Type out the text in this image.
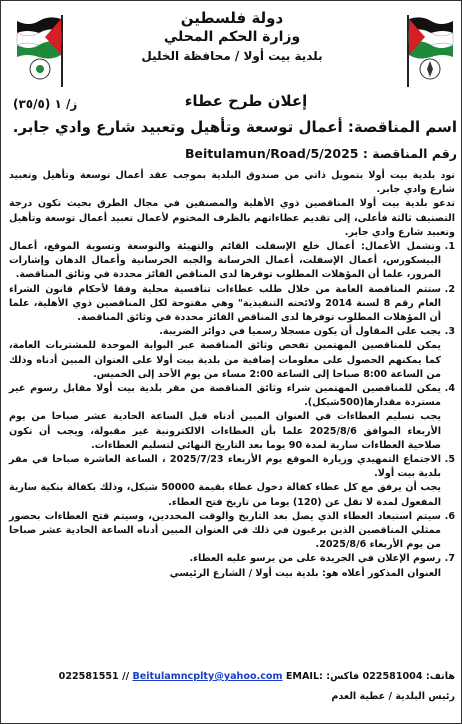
دولة فلسطين
وزارة الحكم المحلي
بلدية بيت أولا / محافظة الخليل
ز/ ١ (٣٥/٥)	إعلان طرح عطاء
اسم المناقصة: أعمال توسعة وتأهيل وتعبيد شارع وادي جابر.
رقم المناقصة : Beitulamun/Road/5/2025

تود بلدية بيت أولا بتمويل ذاتي من صندوق البلدية بموجب عقد أعمال توسعة وتأهيل وتعبيد شارع وادي جابر.

تدعو بلدية بيت أولا المناقصين ذوي الأهلية والمصنفين في مجال الطرق بحيث تكون درجة التصنيف ثالثة فأعلى، إلى تقديم عطاءاتهم بالظرف المختوم لأعمال تعبيد أعمال توسعة وتأهيل وتعبيد شارع وادي جابر.

1.
وتشمل الأعمال: أعمال خلع الإسفلت القائم والتهيئة والتوسعة وتسوية الموقع، أعمال البيسكورس، أعمال الإسفلت، أعمال الخرسانة والجبه الخرسانية وأعمال الدهان وإشارات المرور، علما أن المؤهلات المطلوب توفرها لدى المناقص الفائز محددة في وثائق المناقصة.
2.
ستتم المناقصة العامة من خلال طلب عطاءات تنافسية محلية وفقا لأحكام قانون الشراء العام رقم 8 لسنة 2014 ولائحته التنفيذية" وهي مفتوحة لكل المناقصين ذوي الأهلية، علما أن المؤهلات المطلوب توفرها لدى المناقص الفائز محددة في وثائق المناقصة.
3.
يجب على المقاول أن يكون مسجلا رسميا في دوائر الضريبة.
يمكن للمناقصين المهتمين تفحص وثائق المناقصة عبر البوابة الموحدة للمشتريات العامة، كما يمكنهم الحصول على معلومات إضافية من بلدية بيت أولا على العنوان المبين أدناه وذلك من الساعة 8:00 صباحا إلى الساعة 2:00 مساء من يوم الأحد إلى الخميس.
4.
يمكن للمناقصين المهتمين شراء وثائق المناقصة من مقر بلدية بيت أولا مقابل رسوم غير مستردة مقدارها(500شيكل).
يجب تسليم العطاءات في العنوان المبين أدناه قبل الساعة الحادية عشر صباحا من يوم الأربعاء الموافق 2025/8/6 علما بأن العطاءات الالكترونية غير مقبولة، ويجب أن تكون صلاحية العطاءات سارية لمدة 90 يوما بعد التاريخ النهائي لتسليم العطاءات.
5.
الاجتماع التمهيدي وزيارة الموقع يوم الأربعاء 2025/7/23 ، الساعة العاشرة صباحا في مقر بلدية بيت أولا.
يجب أن يرفق مع كل عطاء كفالة دخول عطاء بقيمة 50000 شيكل، وذلك بكفالة بنكية سارية المفعول لمدة لا تقل عن (120) يوما من تاريخ فتح العطاء.
6.
سيتم استبعاد العطاء الذي يصل بعد التاريخ والوقت المحددين، وسيتم فتح العطاءات بحضور ممثلي المناقصين الذين يرغبون في ذلك في العنوان المبين أدناه الساعة الحادية عشر صباحا من يوم الأربعاء 2025/8/6.
7.
رسوم الإعلان في الجريدة على من يرسو عليه العطاء.
العنوان المذكور أعلاه هو: بلدية بيت أولا / الشارع الرئيسي
هاتف: 022581004 فاكس: 022581551 // Beitulamncplty@yahoo.com EMAIL:
رئيس البلدية / عطية العدم
